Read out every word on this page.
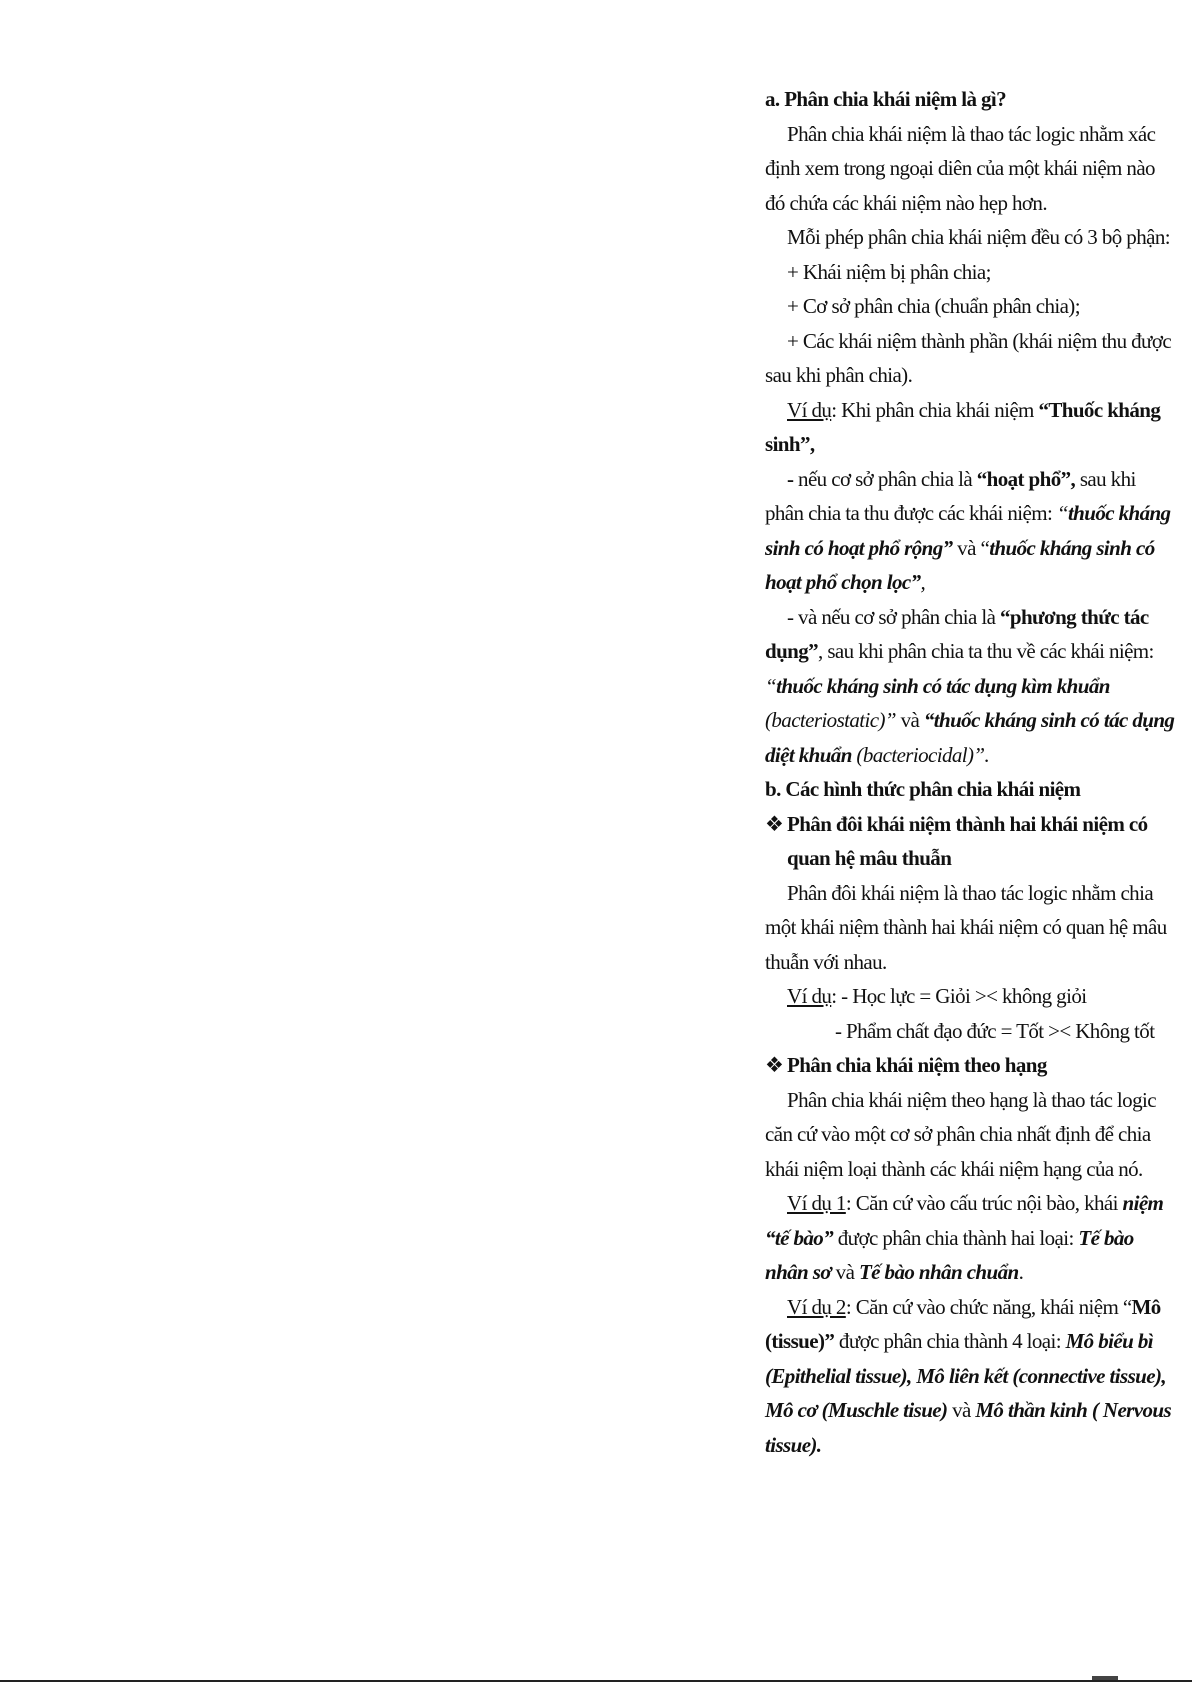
a. Phân chia khái niệm là gì?

Phân chia khái niệm là thao tác logic nhằm xác định xem trong ngoại diên của một khái niệm nào đó chứa các khái niệm nào hẹp hơn.

Mỗi phép phân chia khái niệm đều có 3 bộ phận:

+ Khái niệm bị phân chia;

+ Cơ sở phân chia (chuẩn phân chia);

+ Các khái niệm thành phần (khái niệm thu được sau khi phân chia).

Ví dụ: Khi phân chia khái niệm “Thuốc kháng sinh”,

- nếu cơ sở phân chia là “hoạt phổ”, sau khi phân chia ta thu được các khái niệm: “thuốc kháng sinh có hoạt phổ rộng” và “thuốc kháng sinh có hoạt phổ chọn lọc”,

- và nếu cơ sở phân chia là “phương thức tác dụng”, sau khi phân chia ta thu về các khái niệm: “thuốc kháng sinh có tác dụng kìm khuẩn (bacteriostatic)” và “thuốc kháng sinh có tác dụng diệt khuẩn (bacteriocidal)”.

b. Các hình thức phân chia khái niệm

❖ Phân đôi khái niệm thành hai khái niệm có quan hệ mâu thuẫn

Phân đôi khái niệm là thao tác logic nhằm chia một khái niệm thành hai khái niệm có quan hệ mâu thuẫn với nhau.

Ví dụ: - Học lực = Giỏi >< không giỏi

- Phẩm chất đạo đức = Tốt >< Không tốt

❖ Phân chia khái niệm theo hạng

Phân chia khái niệm theo hạng là thao tác logic căn cứ vào một cơ sở phân chia nhất định để chia khái niệm loại thành các khái niệm hạng của nó.

Ví dụ 1: Căn cứ vào cấu trúc nội bào, khái niệm “tế bào” được phân chia thành hai loại: Tế bào nhân sơ và Tế bào nhân chuẩn.

Ví dụ 2: Căn cứ vào chức năng, khái niệm “Mô (tissue)” được phân chia thành 4 loại: Mô biểu bì (Epithelial tissue), Mô liên kết (connective tissue), Mô cơ (Muschle tisue) và Mô thần kinh ( Nervous tissue).
